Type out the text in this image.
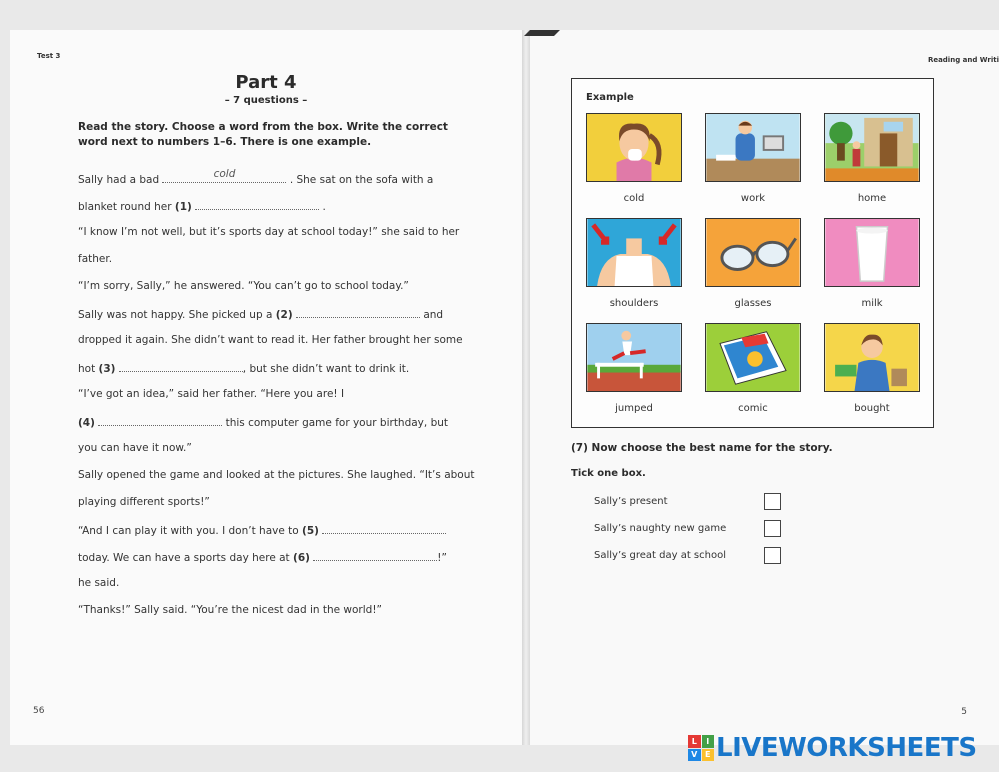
Test 3
Part 4
– 7 questions –
Read the story. Choose a word from the box. Write the correct word next to numbers 1–6. There is one example.
Sally had a bad	cold	. She sat on the sofa with a
blanket round her (1)	.
“I know I’m not well, but it’s sports day at school today!” she said to her
father.
“I’m sorry, Sally,” he answered. “You can’t go to school today.”
Sally was not happy. She picked up a (2)	and
dropped it again. She didn’t want to read it. Her father brought her some
hot (3)	, but she didn’t want to drink it.
“I’ve got an idea,” said her father. “Here you are! I
(4)	this computer game for your birthday, but
you can have it now.”
Sally opened the game and looked at the pictures. She laughed. “It’s about
playing different sports!”
“And I can play it with you. I don’t have to (5)
today. We can have a sports day here at (6)	!”
he said.
“Thanks!” Sally said. “You’re the nicest dad in the world!”
56
Reading and Writi
Example
cold	work	home
shoulders	glasses	milk
jumped	comic	bought
(7) Now choose the best name for the story.
Tick one box.
Sally’s present
Sally’s naughty new game
Sally’s great day at school
5
L	I
V E LIVEWORKSHEETS
